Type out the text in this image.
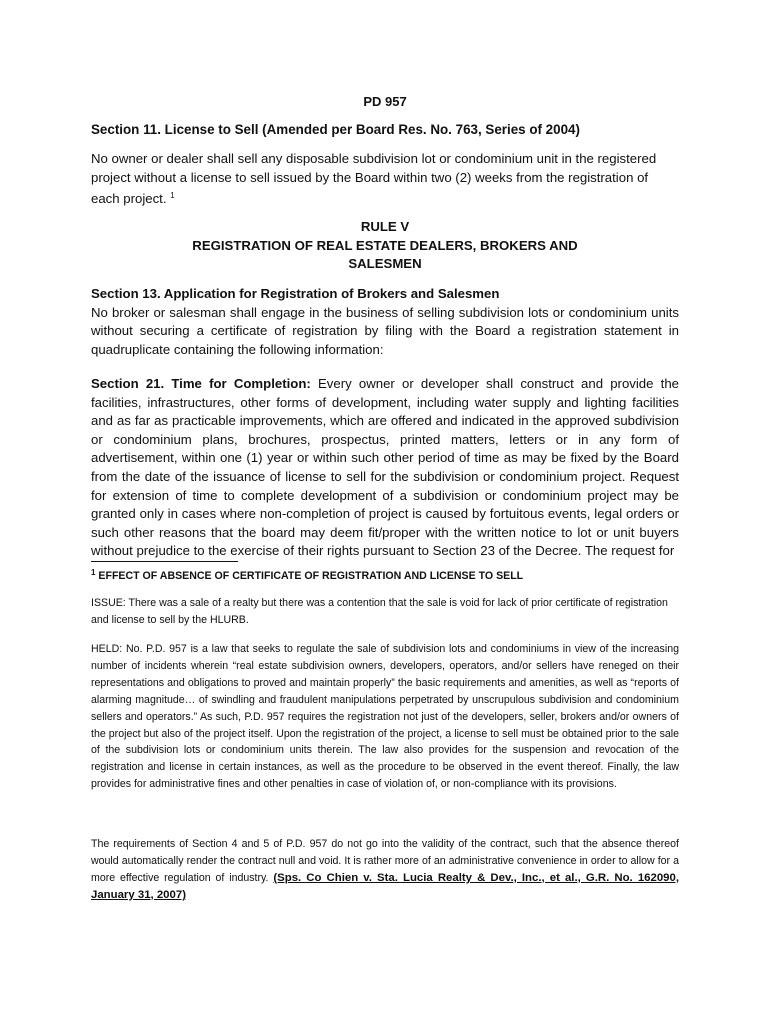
PD 957
Section 11. License to Sell (Amended per Board Res. No. 763, Series of 2004)

No owner or dealer shall sell any disposable subdivision lot or condominium unit in the registered project without a license to sell issued by the Board within two (2) weeks from the registration of each project. $^1$

RULE V
REGISTRATION OF REAL ESTATE DEALERS, BROKERS AND
SALESMEN
Section 13. Application for Registration of Brokers and Salesmen

No broker or salesman shall engage in the business of selling subdivision lots or condominium units without securing a certificate of registration by filing with the Board a registration statement in quadruplicate containing the following information:

Section 21. Time for Completion: Every owner or developer shall construct and provide the facilities, infrastructures, other forms of development, including water supply and lighting facilities and as far as practicable improvements, which are offered and indicated in the approved subdivision or condominium plans, brochures, prospectus, printed matters, letters or in any form of advertisement, within one (1) year or within such other period of time as may be fixed by the Board from the date of the issuance of license to sell for the subdivision or condominium project. Request for extension of time to complete development of a subdivision or condominium project may be granted only in cases where non-completion of project is caused by fortuitous events, legal orders or such other reasons that the board may deem fit/proper with the written notice to lot or unit buyers without prejudice to the exercise of their rights pursuant to Section 23 of the Decree. The request for

$^1$ EFFECT OF ABSENCE OF CERTIFICATE OF REGISTRATION AND LICENSE TO SELL

ISSUE: There was a sale of a realty but there was a contention that the sale is void for lack of prior certificate of registration and license to sell by the HLURB.

HELD: No. P.D. 957 is a law that seeks to regulate the sale of subdivision lots and condominiums in view of the increasing number of incidents wherein “real estate subdivision owners, developers, operators, and/or sellers have reneged on their representations and obligations to proved and maintain properly” the basic requirements and amenities, as well as “reports of alarming magnitude… of swindling and fraudulent manipulations perpetrated by unscrupulous subdivision and condominium sellers and operators.” As such, P.D. 957 requires the registration not just of the developers, seller, brokers and/or owners of the project but also of the project itself. Upon the registration of the project, a license to sell must be obtained prior to the sale of the subdivision lots or condominium units therein. The law also provides for the suspension and revocation of the registration and license in certain instances, as well as the procedure to be observed in the event thereof. Finally, the law provides for administrative fines and other penalties in case of violation of, or non-compliance with its provisions.

The requirements of Section 4 and 5 of P.D. 957 do not go into the validity of the contract, such that the absence thereof would automatically render the contract null and void. It is rather more of an administrative convenience in order to allow for a more effective regulation of industry. (Sps. Co Chien v. Sta. Lucia Realty & Dev., Inc., et al., G.R. No. 162090, January 31, 2007)
